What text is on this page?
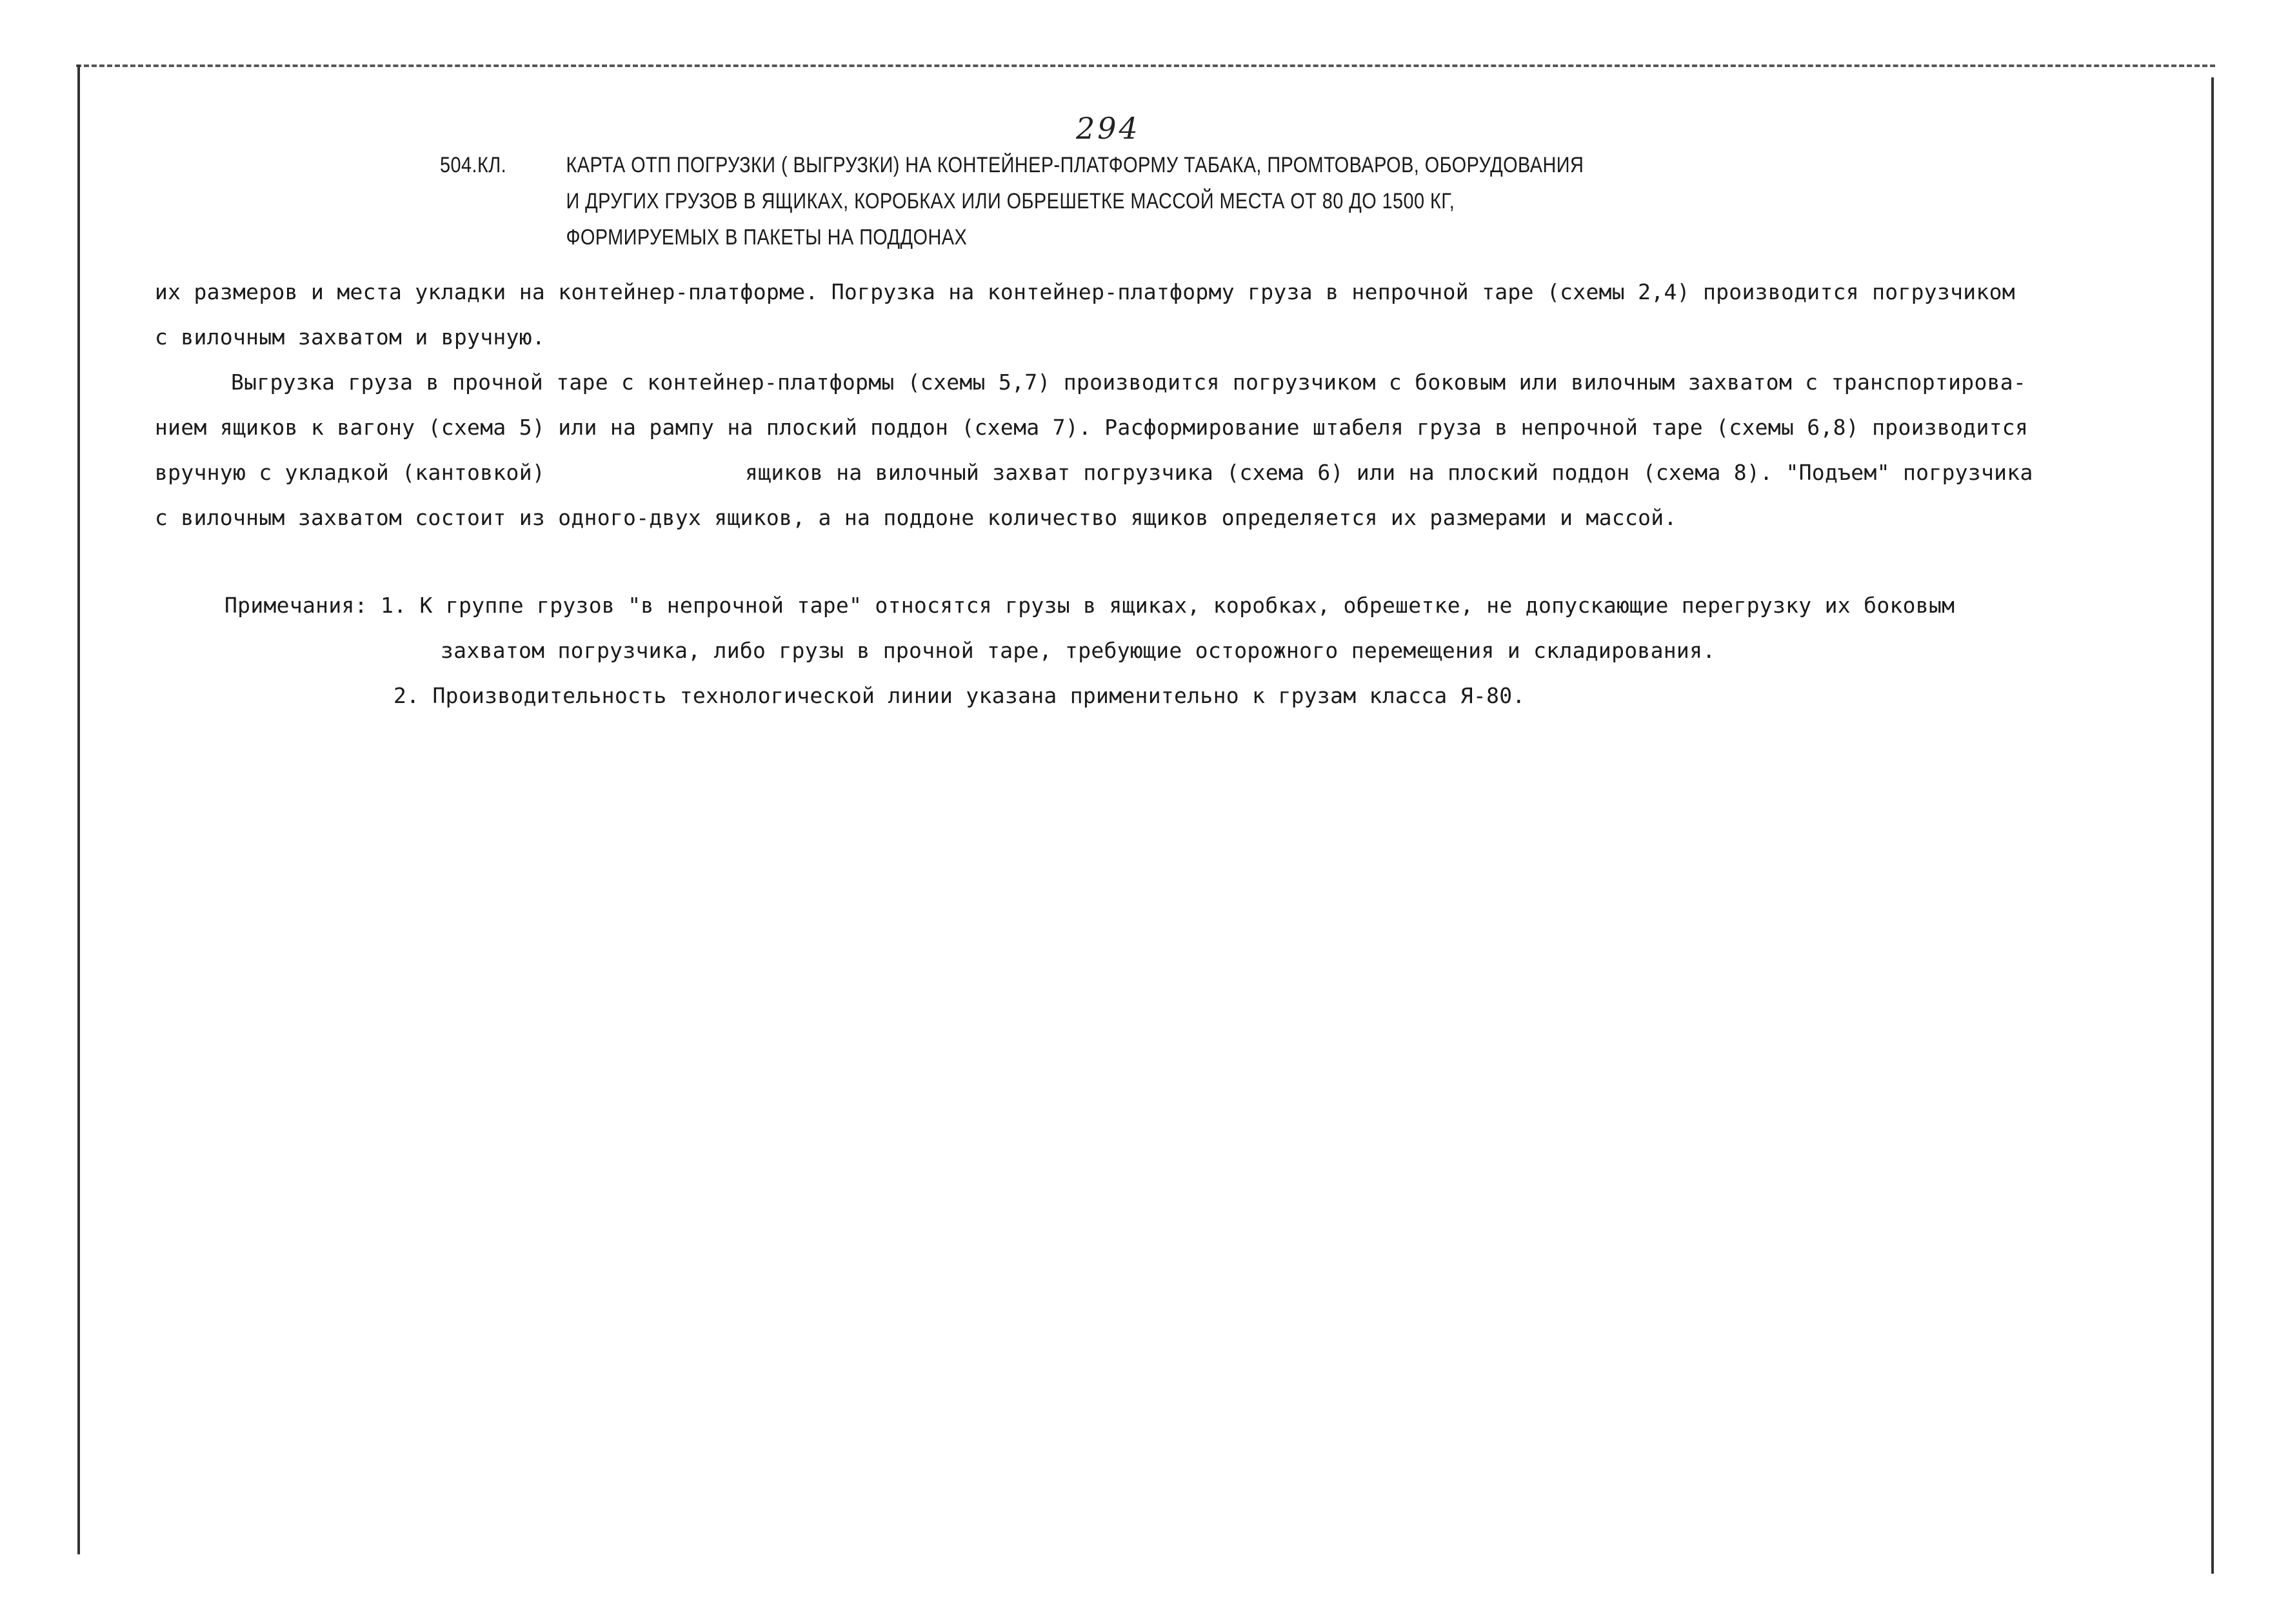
294
504.КЛ.	КАРТА ОТП ПОГРУЗКИ ( ВЫГРУЗКИ) НА КОНТЕЙНЕР-ПЛАТФОРМУ ТАБАКА, ПРОМТОВАРОВ, ОБОРУДОВАНИЯ
И ДРУГИХ ГРУЗОВ В ЯЩИКАХ, КОРОБКАХ ИЛИ ОБРЕШЕТКЕ МАССОЙ МЕСТА ОТ 80 ДО 1500 КГ,
ФОРМИРУЕМЫХ В ПАКЕТЫ НА ПОДДОНАХ
их размеров и места укладки на контейнер-платформе. Погрузка на контейнер-платформу груза в непрочной таре (схемы 2,4) производится погрузчиком
с вилочным захватом и вручную.
Выгрузка груза в прочной таре с контейнер-платформы (схемы 5,7) производится погрузчиком с боковым или вилочным захватом с транспортирова-
нием ящиков к вагону (схема 5) или на рампу на плоский поддон (схема 7). Расформирование штабеля груза в непрочной таре (схемы 6,8) производится
вручную с укладкой (кантовкой)	ящиков на вилочный захват погрузчика (схема 6) или на плоский поддон (схема 8). "Подъем" погрузчика
с вилочным захватом состоит из одного-двух ящиков, а на поддоне количество ящиков определяется их размерами и массой.
Примечания: 1. К группе грузов "в непрочной таре" относятся грузы в ящиках, коробках, обрешетке, не допускающие перегрузку их боковым
захватом погрузчика, либо грузы в прочной таре, требующие осторожного перемещения и складирования.
2. Производительность технологической линии указана применительно к грузам класса Я-80.
